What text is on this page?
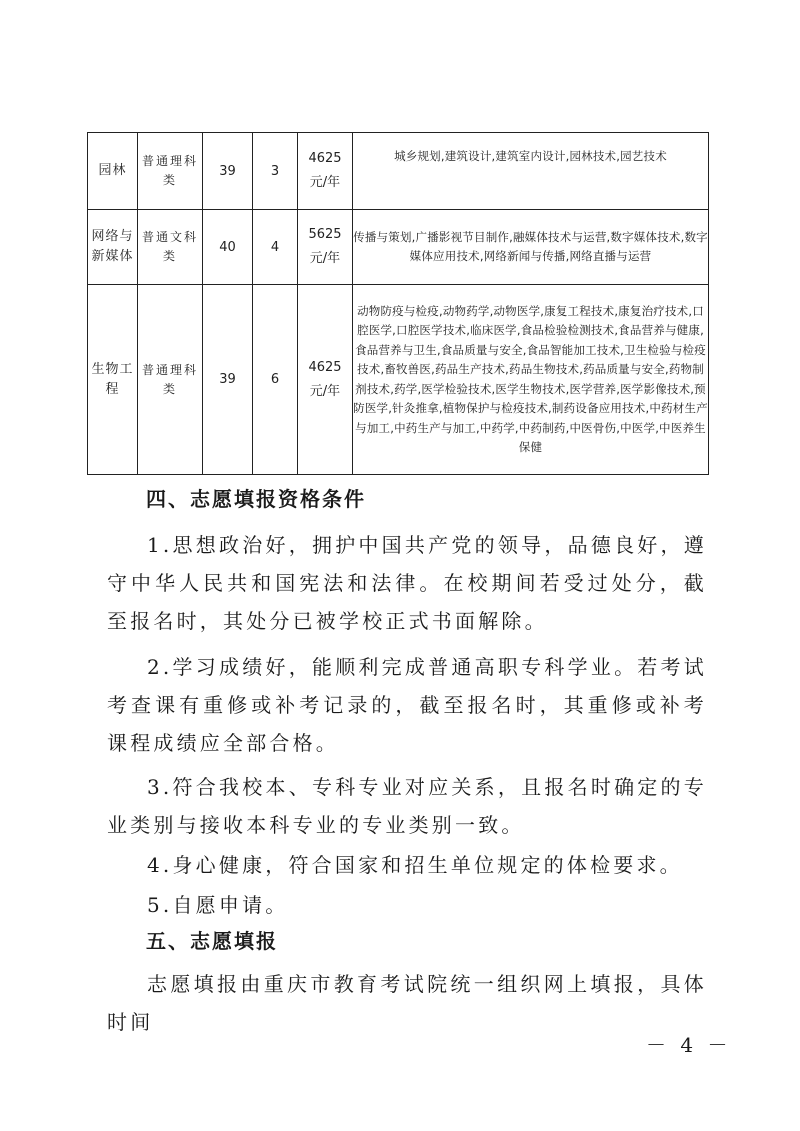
园林	普通理科类	39	3	4625 元/年	城乡规划,建筑设计,建筑室内设计,园林技术,园艺技术
网络与新媒体	普通文科类	40	4	5625 元/年	传播与策划,广播影视节目制作,融媒体技术与运营,数字媒体技术,数字媒体应用技术,网络新闻与传播,网络直播与运营
生物工程	普通理科类	39	6	4625 元/年	动物防疫与检疫,动物药学,动物医学,康复工程技术,康复治疗技术,口腔医学,口腔医学技术,临床医学,食品检验检测技术,食品营养与健康,食品营养与卫生,食品质量与安全,食品智能加工技术,卫生检验与检疫技术,畜牧兽医,药品生产技术,药品生物技术,药品质量与安全,药物制剂技术,药学,医学检验技术,医学生物技术,医学营养,医学影像技术,预防医学,针灸推拿,植物保护与检疫技术,制药设备应用技术,中药材生产与加工,中药生产与加工,中药学,中药制药,中医骨伤,中医学,中医养生保健
四、志愿填报资格条件

1.思想政治好，拥护中国共产党的领导，品德良好，遵守中华人民共和国宪法和法律。在校期间若受过处分，截至报名时，其处分已被学校正式书面解除。

2.学习成绩好，能顺利完成普通高职专科学业。若考试考查课有重修或补考记录的，截至报名时，其重修或补考课程成绩应全部合格。

3.符合我校本、专科专业对应关系，且报名时确定的专业类别与接收本科专业的专业类别一致。

4.身心健康，符合国家和招生单位规定的体检要求。

5.自愿申请。

五、志愿填报

志愿填报由重庆市教育考试院统一组织网上填报，具体时间

－ 4 －
